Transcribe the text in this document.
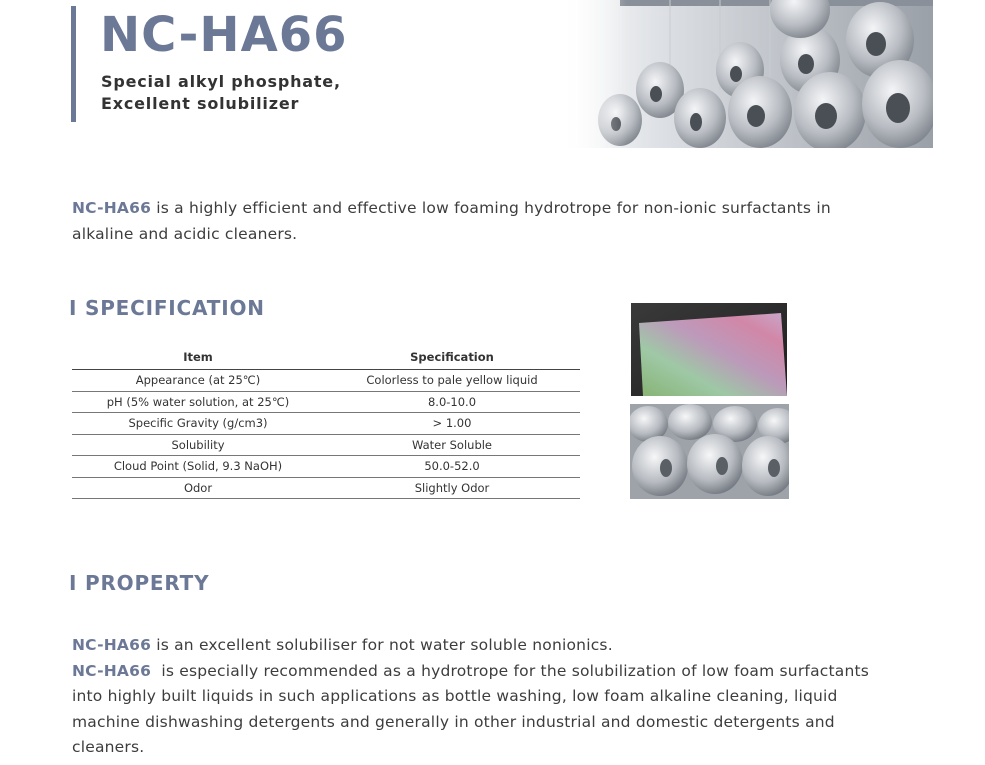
NC-HA66

Special alkyl phosphate,
Excellent solubilizer

NC-HA66 is a highly efficient and effective low foaming hydrotrope for non-ionic surfactants in alkaline and acidic cleaners.

I SPECIFICATION
Item	Specification
Appearance (at 25℃)	Colorless to pale yellow liquid
pH (5% water solution, at 25℃)	8.0-10.0
Specific Gravity (g/cm3)	> 1.00
Solubility	Water Soluble
Cloud Point (Solid, 9.3 NaOH)	50.0-52.0
Odor	Slightly Odor
I PROPERTY

NC-HA66 is an excellent solubiliser for not water soluble nonionics.
NC-HA66  is especially recommended as a hydrotrope for the solubilization of low foam surfactants into highly built liquids in such applications as bottle washing, low foam alkaline cleaning, liquid machine dishwashing detergents and generally in other industrial and domestic detergents and cleaners.
